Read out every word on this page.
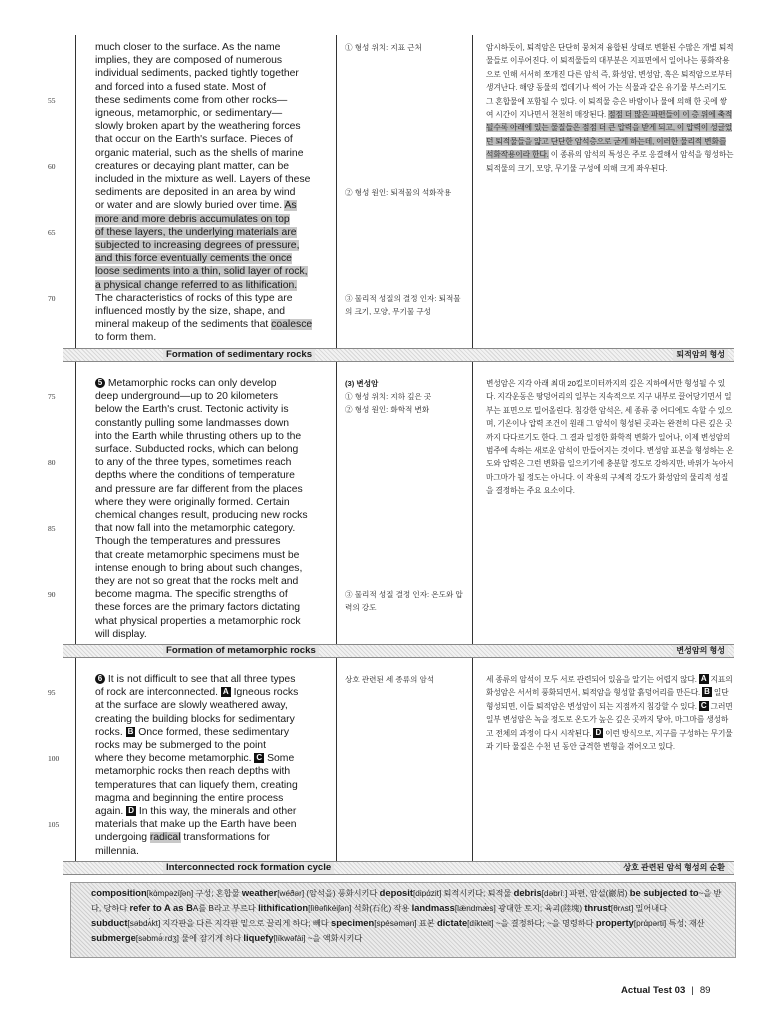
much closer to the surface. As the name
implies, they are composed of numerous
individual sediments, packed tightly together
and forced into a fused state. Most of
55	these sediments come from other rocks—
igneous, metamorphic, or sedimentary—
slowly broken apart by the weathering forces
that occur on the Earth's surface. Pieces of
organic material, such as the shells of marine
60	creatures or decaying plant matter, can be
included in the mixture as well. Layers of these
sediments are deposited in an area by wind
or water and are slowly buried over time. As
more and more debris accumulates on top
65	of these layers, the underlying materials are
subjected to increasing degrees of pressure,
and this force eventually cements the once
loose sediments into a thin, solid layer of rock,
a physical change referred to as lithification.
70	The characteristics of rocks of this type are
influenced mostly by the size, shape, and
mineral makeup of the sediments that coalesce
to form them.
① 형성 위치: 지표 근처
② 형성 원인: 퇴적물의 석화작용
③ 물리적 성질의 결정 인자: 퇴적물의 크기, 모양, 무기물 구성
암시하듯이, 퇴적암은 단단히 뭉쳐져 융합된 상태로 변환된 수많은 개별 퇴적물들로 이루어진다. 이 퇴적물들의 대부분은 지표면에서 일어나는 풍화작용으로 인해 서서히 쪼개진 다른 암석 즉, 화성암, 변성암, 혹은 퇴적암으로부터 생겨난다. 해양 동물의 껍데기나 썩어 가는 식물과 같은 유기물 부스러기도 그 혼합물에 포함될 수 있다. 이 퇴적물 층은 바람이나 물에 의해 한 곳에 쌓여 시간이 지나면서 천천히 매장된다. 점점 더 많은 파편들이 이 층 위에 축적될수록 아래에 있는 물질들은 점점 더 큰 압력을 받게 되고, 이 압력이 성글었던 퇴적물들을 얇고 단단한 암석층으로 굳게 하는데, 이러한 물리적 변화를 석화작용이라 한다. 이 종류의 암석의 특성은 주로 응결해서 암석을 형성하는 퇴적물의 크기, 모양, 무기물 구성에 의해 크게 좌우된다.
Formation of sedimentary rocks	퇴적암의 형성
5 Metamorphic rocks can only develop
75	deep underground—up to 20 kilometers
below the Earth's crust. Tectonic activity is
constantly pulling some landmasses down
into the Earth while thrusting others up to the
surface. Subducted rocks, which can belong
80	to any of the three types, sometimes reach
depths where the conditions of temperature
and pressure are far different from the places
where they were originally formed. Certain
chemical changes result, producing new rocks
85	that now fall into the metamorphic category.
Though the temperatures and pressures
that create metamorphic specimens must be
intense enough to bring about such changes,
they are not so great that the rocks melt and
90	become magma. The specific strengths of
these forces are the primary factors dictating
what physical properties a metamorphic rock
will display.
(3) 변성암
① 형성 위치: 지하 깊은 곳
② 형성 원인: 화학적 변화
③ 물리적 성질 결정 인자: 온도와 압력의 강도
변성암은 지각 아래 최대 20킬로미터까지의 깊은 지하에서만 형성될 수 있다. 지각운동은 땅덩어리의 일부는 지속적으로 지구 내부로 끌어당기면서 일부는 표면으로 밀어올린다. 침강한 암석은, 세 종류 중 어디에도 속할 수 있으며, 기온이나 압력 조건이 원래 그 암석이 형성된 곳과는 완전히 다른 깊은 곳까지 다다르기도 한다. 그 결과 일정한 화학적 변화가 일어나, 이제 변성암의 범주에 속하는 새로운 암석이 만들어지는 것이다. 변성암 표본을 형성하는 온도와 압력은 그런 변화를 일으키기에 충분할 정도로 강하지만, 바위가 녹아서 마그마가 될 정도는 아니다. 이 작용의 구체적 강도가 화성암의 물리적 성질을 결정하는 주요 요소이다.
Formation of metamorphic rocks	변성암의 형성
6 It is not difficult to see that all three types
95	of rock are interconnected. A Igneous rocks
at the surface are slowly weathered away,
creating the building blocks for sedimentary
rocks. B Once formed, these sedimentary
rocks may be submerged to the point
100	where they become metamorphic. C Some
metamorphic rocks then reach depths with
temperatures that can liquefy them, creating
magma and beginning the entire process
again. D In this way, the minerals and other
105	materials that make up the Earth have been
undergoing radical transformations for
millennia.
상호 관련된 세 종류의 암석	세 종류의 암석이 모두 서로 관련되어 있음을 알기는 어렵지 않다. A 지표의 화성암은 서서히 풍화되면서, 퇴적암을 형성할 흙덩어리를 만든다. B 일단 형성되면, 이들 퇴적암은 변성암이 되는 지점까지 침강할 수 있다. C 그러면 일부 변성암은 녹을 정도로 온도가 높은 깊은 곳까지 닿아, 마그마를 생성하고 전체의 과정이 다시 시작된다. D 이런 방식으로, 지구를 구성하는 무기물과 기타 물질은 수천 년 동안 급격한 변형을 겪어오고 있다.
Interconnected rock formation cycle	상호 관련된 암석 형성의 순환

composition[kɑ̀mpəzíʃən] 구성; 혼합물 weather[wéðər] (암석을) 풍화시키다 deposit[dipɑ́zit] 퇴적시키다; 퇴적물 debris[dəbríː] 파편, 암설(巖屑) be subjected to~을 받다, 당하다 refer to A as BA를 B라고 부르다 lithification[lìθəfikéiʃən] 석화(石化) 작용 landmass[lǽndmæ̀s] 광대한 토지; 육괴(陸塊) thrust[θrʌst] 밀어내다 subduct[səbdʌ́kt] 지각판을 다른 지각판 밑으로 끌리게 하다; 빼다 specimen[spésəmən] 표본 dictate[díkteit] ~을 결정하다; ~을 명령하다 property[prɑ́pərti] 특성; 재산 submerge[səbmə́ːrdʒ] 물에 잠기게 하다 liquefy[líkwəfài] ~을 액화시키다

Actual Test 03 | 89
